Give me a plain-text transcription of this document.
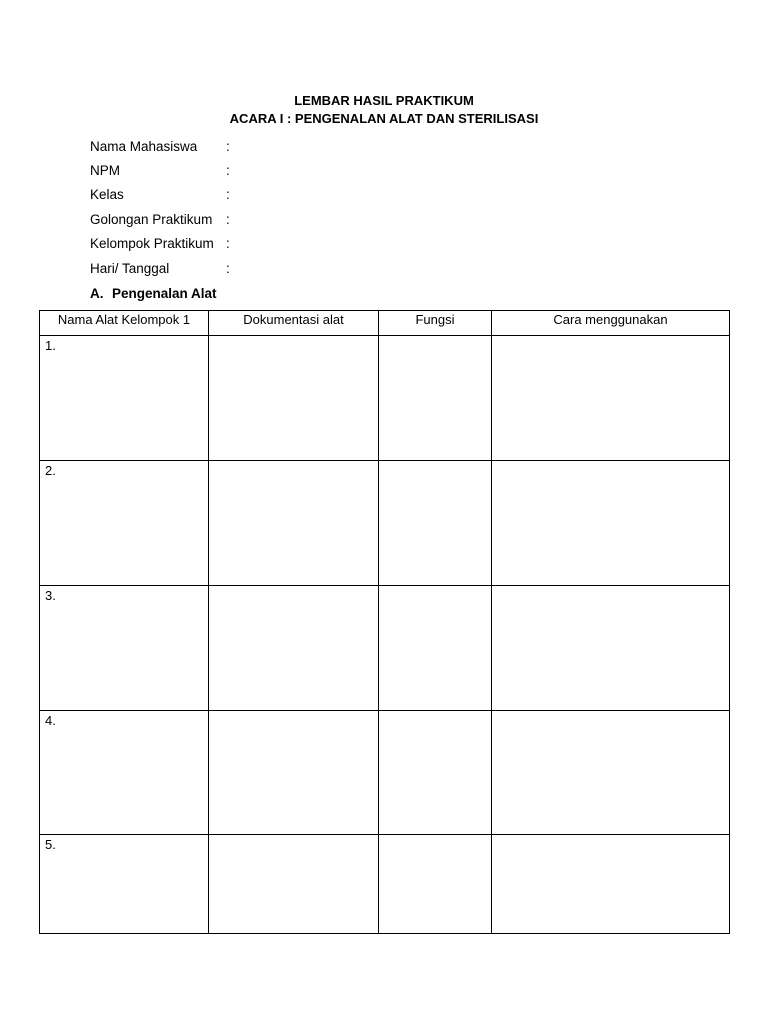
LEMBAR HASIL PRAKTIKUM
ACARA I : PENGENALAN ALAT DAN STERILISASI
Nama Mahasiswa :
NPM	:
Kelas	:
Golongan Praktikum :
Kelompok Praktikum :
Hari/ Tanggal	:
A. Pengenalan Alat
Nama Alat Kelompok 1	Dokumentasi alat	Fungsi	Cara menggunakan
1.			
2.			
3.			
4.			
5.			
